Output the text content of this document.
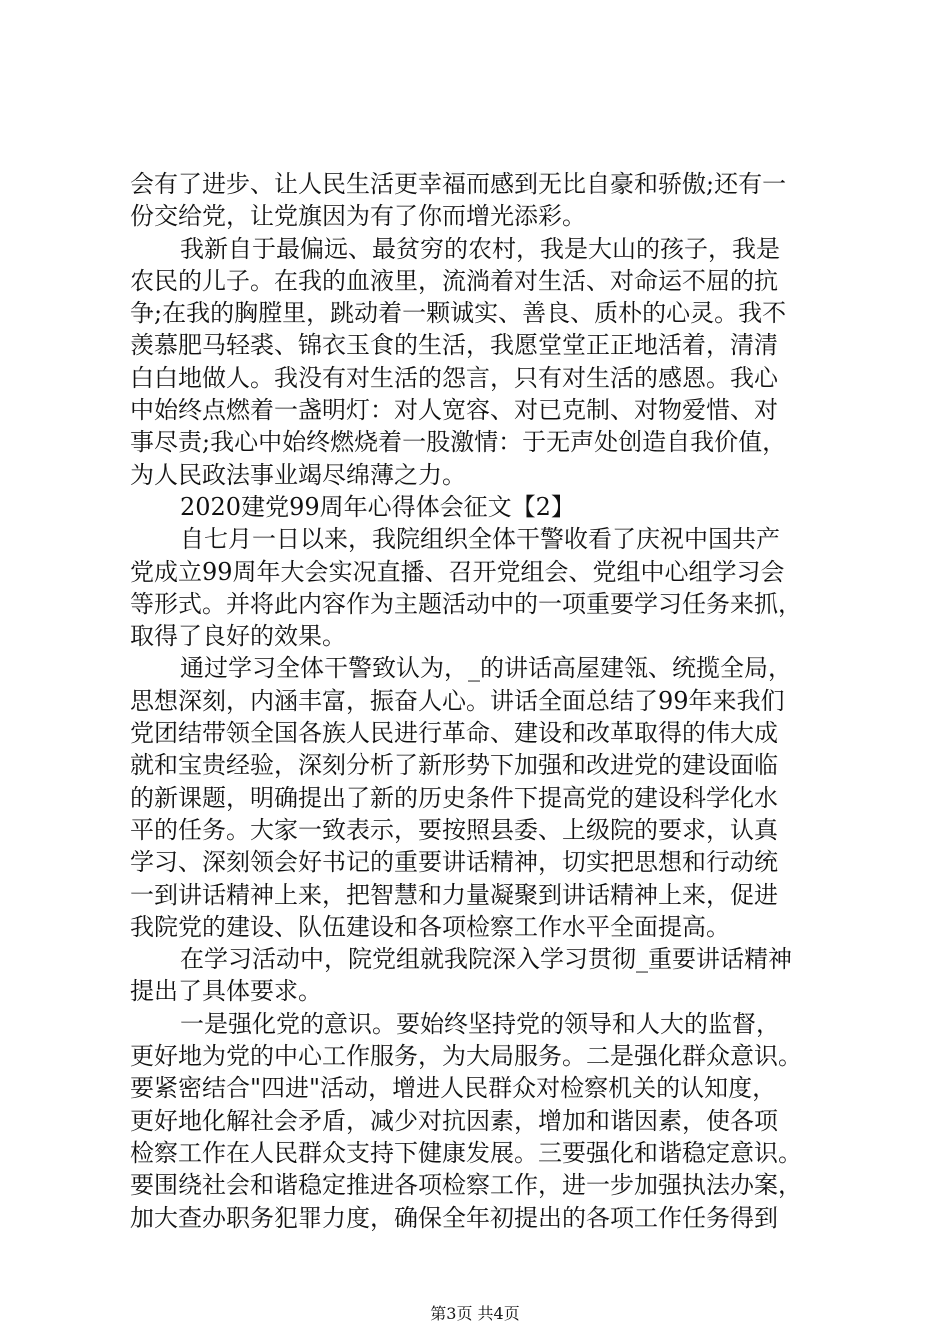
会有了进步、让人民生活更幸福而感到无比自豪和骄傲;还有一
份交给党，让党旗因为有了你而增光添彩。
我新自于最偏远、最贫穷的农村，我是大山的孩子，我是
农民的儿子。在我的血液里，流淌着对生活、对命运不屈的抗
争;在我的胸膛里，跳动着一颗诚实、善良、质朴的心灵。我不
羡慕肥马轻裘、锦衣玉食的生活，我愿堂堂正正地活着，清清
白白地做人。我没有对生活的怨言，只有对生活的感恩。我心
中始终点燃着一盏明灯：对人宽容、对已克制、对物爱惜、对
事尽责;我心中始终燃烧着一股激情：于无声处创造自我价值，
为人民政法事业竭尽绵薄之力。
2020建党99周年心得体会征文【2】
自七月一日以来，我院组织全体干警收看了庆祝中国共产
党成立99周年大会实况直播、召开党组会、党组中心组学习会
等形式。并将此内容作为主题活动中的一项重要学习任务来抓，
取得了良好的效果。
通过学习全体干警致认为，_的讲话高屋建瓴、统揽全局，
思想深刻，内涵丰富，振奋人心。讲话全面总结了99年来我们
党团结带领全国各族人民进行革命、建设和改革取得的伟大成
就和宝贵经验，深刻分析了新形势下加强和改进党的建设面临
的新课题，明确提出了新的历史条件下提高党的建设科学化水
平的任务。大家一致表示，要按照县委、上级院的要求，认真
学习、深刻领会好书记的重要讲话精神，切实把思想和行动统
一到讲话精神上来，把智慧和力量凝聚到讲话精神上来，促进
我院党的建设、队伍建设和各项检察工作水平全面提高。
在学习活动中，院党组就我院深入学习贯彻_重要讲话精神
提出了具体要求。
一是强化党的意识。要始终坚持党的领导和人大的监督，
更好地为党的中心工作服务，为大局服务。二是强化群众意识。
要紧密结合"四进"活动，增进人民群众对检察机关的认知度，
更好地化解社会矛盾，减少对抗因素，增加和谐因素，使各项
检察工作在人民群众支持下健康发展。三要强化和谐稳定意识。
要围绕社会和谐稳定推进各项检察工作，进一步加强执法办案，
加大查办职务犯罪力度，确保全年初提出的各项工作任务得到
第3页 共4页
